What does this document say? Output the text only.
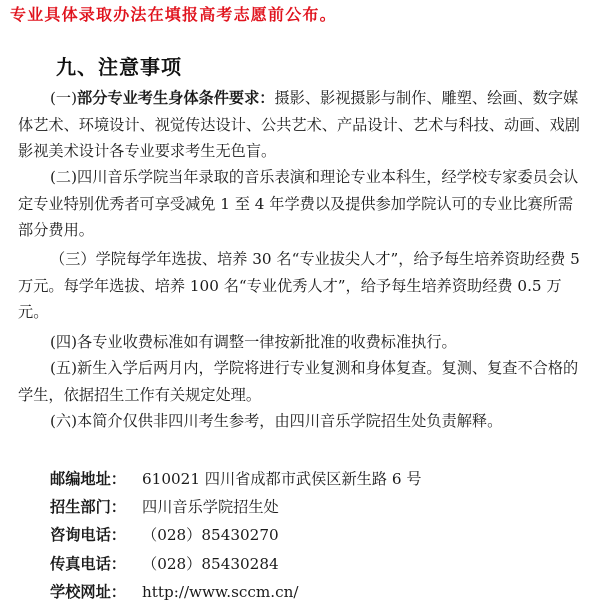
专业具体录取办法在填报高考志愿前公布。
九、注意事项

(一)部分专业考生身体条件要求：摄影、影视摄影与制作、雕塑、绘画、数字媒体艺术、环境设计、视觉传达设计、公共艺术、产品设计、艺术与科技、动画、戏剧影视美术设计各专业要求考生无色盲。

(二)四川音乐学院当年录取的音乐表演和理论专业本科生，经学校专家委员会认定专业特别优秀者可享受减免 1 至 4 年学费以及提供参加学院认可的专业比赛所需部分费用。

（三）学院每学年选拔、培养 30 名“专业拔尖人才”，给予每生培养资助经费 5 万元。每学年选拔、培养 100 名“专业优秀人才”，给予每生培养资助经费 0.5 万元。

(四)各专业收费标准如有调整一律按新批准的收费标准执行。

(五)新生入学后两月内，学院将进行专业复测和身体复查。复测、复查不合格的学生，依据招生工作有关规定处理。

(六)本简介仅供非四川考生参考，由四川音乐学院招生处负责解释。

邮编地址： 610021 四川省成都市武侯区新生路 6 号
招生部门： 四川音乐学院招生处
咨询电话： （028）85430270
传真电话： （028）85430284
学校网址： http://www.sccm.cn/
